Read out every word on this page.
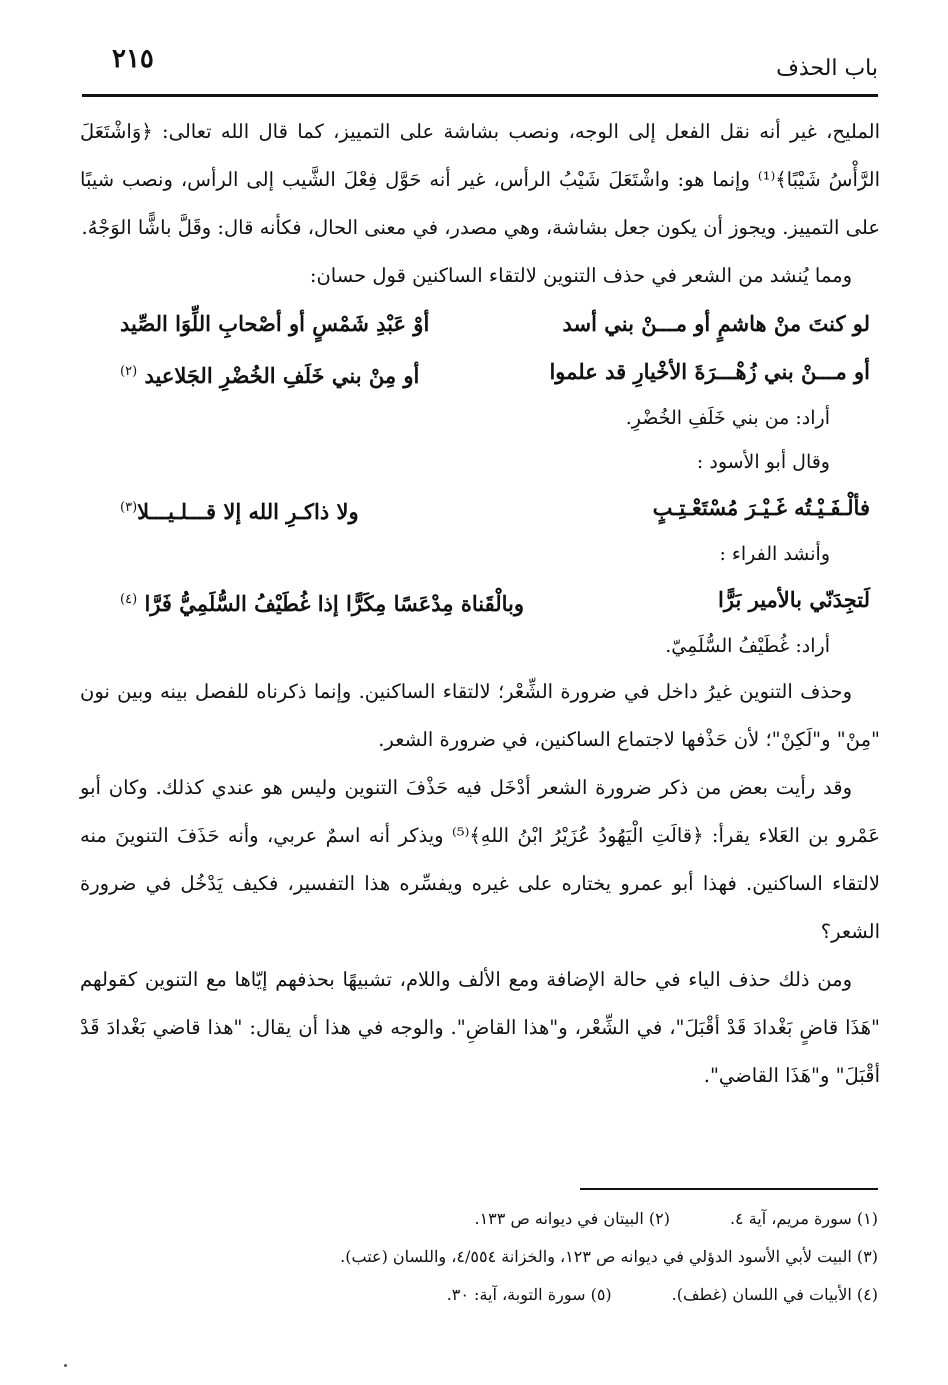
باب الحذف
٢١٥

المليح، غير أنه نقل الفعل إلى الوجه، ونصب بشاشة على التمييز، كما قال الله تعالى: ﴿وَاشْتَعَلَ الرَّأْسُ شَيْبًا﴾⁽¹⁾ وإنما هو: واشْتَعَلَ شَيْبُ الرأس، غير أنه حَوَّل فِعْلَ الشَّيب إلى الرأس، ونصب شيبًا على التمييز. ويجوز أن يكون جعل بشاشة، وهي مصدر، في معنى الحال، فكأنه قال: وقَلَّ باشًّا الوَجْهُ.

ومما يُنشد من الشعر في حذف التنوين لالتقاء الساكنين قول حسان:

لو كنتَ منْ هاشمٍ أو مـــنْ بني أسد
أوْ عَبْدِ شَمْسٍ أو أصْحابِ اللِّوَا الصِّيد
أو مـــنْ بني زُهْـــرَةَ الأخْيارِ قد علموا
أو مِنْ بني خَلَفِ الخُضْرِ الجَلاعيد $^{(٢)}$
أراد: من بني خَلَفِ الخُضْرِ.
وقال أبو الأسود :
فألْـفَـيْـتُه غَـيْـرَ مُسْتَعْـتِـبٍ
ولا ذاكـرِ الله إلا قـــلـيـــلا$^{(٣)}$
وأنشد الفراء :
لَتجِدَنّي بالأمير بَرًّا
وبالْقَناة مِدْعَسًا مِكَرًّا إذا غُطَيْفُ السُّلَمِيُّ فَرَّا $^{(٤)}$
أراد: غُطَيْفُ السُّلَمِيّ.

وحذف التنوين غيرُ داخل في ضرورة الشِّعْر؛ لالتقاء الساكنين. وإنما ذكرناه للفصل بينه وبين نون "مِنْ" و"لَكِنْ"؛ لأن حَذْفها لاجتماع الساكنين، في ضرورة الشعر.

وقد رأيت بعض من ذكر ضرورة الشعر أدْخَل فيه حَذْفَ التنوين وليس هو عندي كذلك. وكان أبو عَمْرو بن العَلاء يقرأ: ﴿قالَتِ الْيَهُودُ عُزَيْرُ ابْنُ اللهِ﴾⁽⁵⁾ ويذكر أنه اسمٌ عربي، وأنه حَذَفَ التنوينَ منه لالتقاء الساكنين. فهذا أبو عمرو يختاره على غيره ويفسِّره هذا التفسير، فكيف يَدْخُل في ضرورة الشعر؟

ومن ذلك حذف الياء في حالة الإضافة ومع الألف واللام، تشبيهًا بحذفهم إيّاها مع التنوين كقولهم "هَذَا قاضٍ بَغْدادَ قَدْ أقْبَلَ"، في الشِّعْر، و"هذا القاضِ". والوجه في هذا أن يقال: "هذا قاضي بَغْدادَ قَدْ أقْبَلَ" و"هَذَا القاضي".

(١) سورة مريم، آية ٤.
(٢) البيتان في ديوانه ص ١٣٣.
(٣) البيت لأبي الأسود الدؤلي في ديوانه ص ١٢٣، والخزانة ٤/٥٥٤، واللسان (عتب).
(٤) الأبيات في اللسان (غطف).
(٥) سورة التوبة، آية: ٣٠.
